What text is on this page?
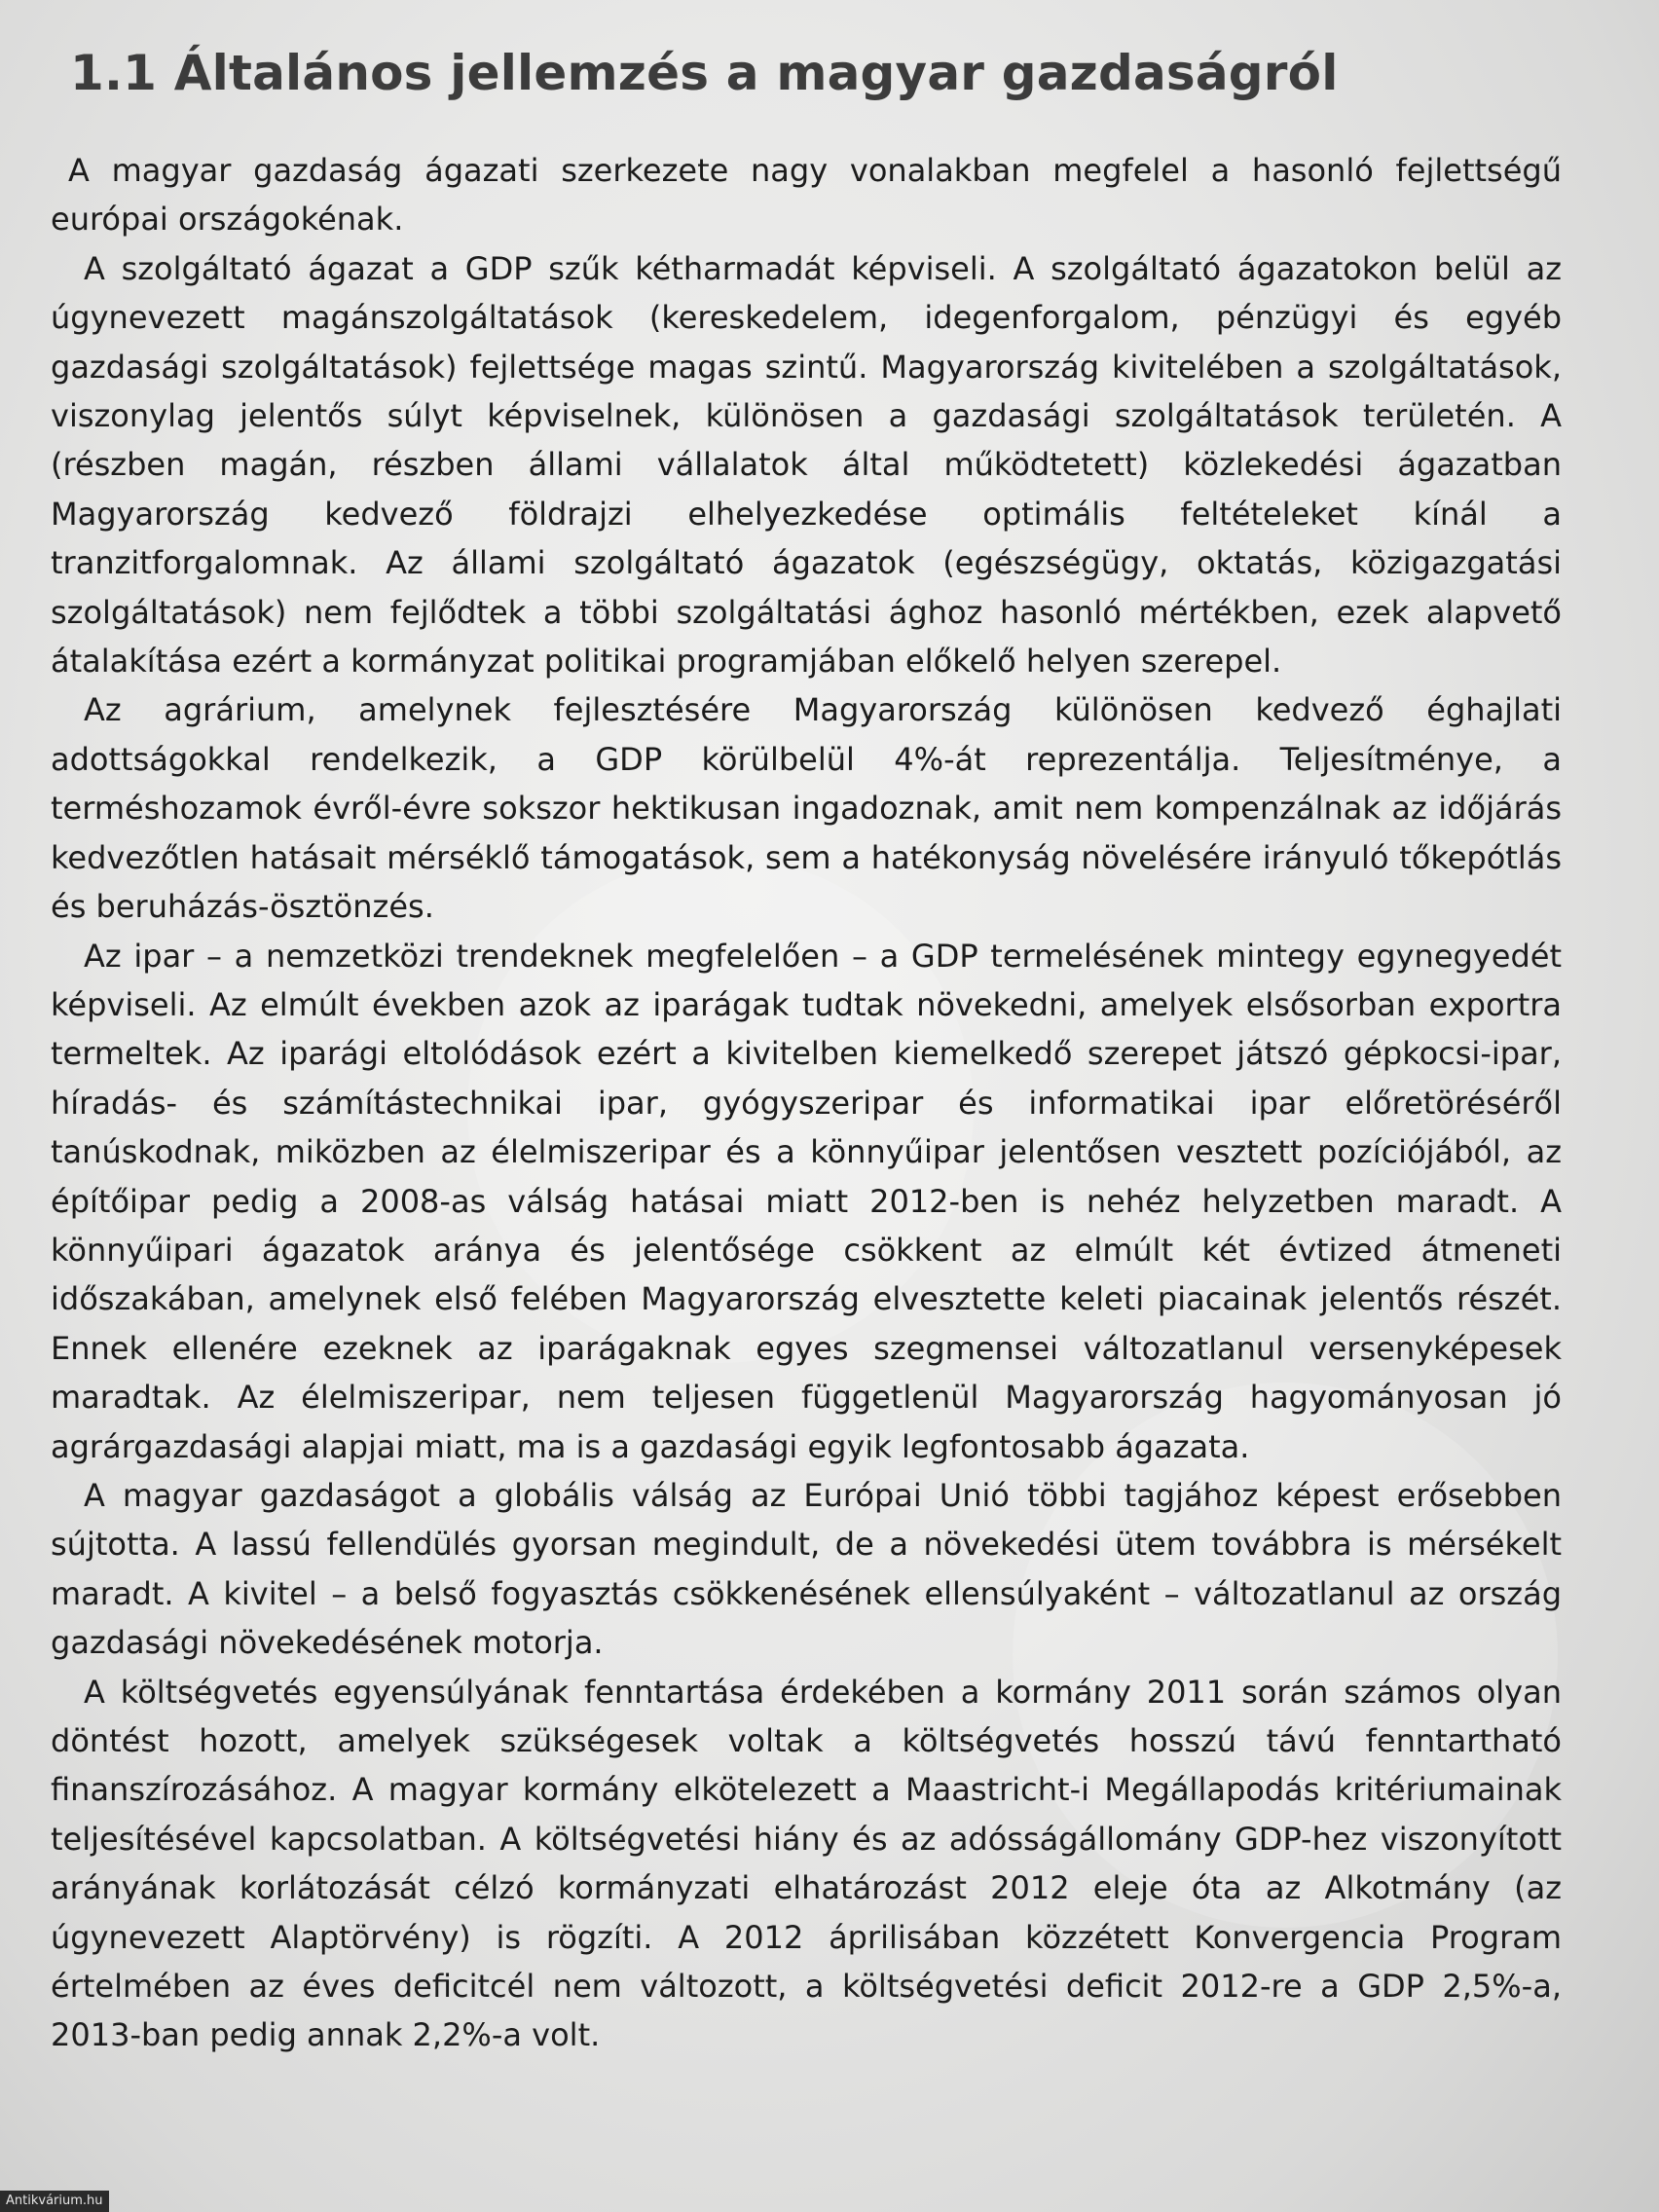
1.1 Általános jellemzés a magyar gazdaságról

A magyar gazdaság ágazati szerkezete nagy vonalakban megfelel a hasonló fejlettségű európai országokénak.

A szolgáltató ágazat a GDP szűk kétharmadát képviseli. A szolgáltató ágazatokon belül az úgynevezett magánszolgáltatások (kereskedelem, idegenforgalom, pénzügyi és egyéb gazdasági szolgáltatások) fejlettsége magas szintű. Magyarország kivitelében a szolgáltatások, viszonylag jelentős súlyt képviselnek, különösen a gazdasági szolgáltatások területén. A (részben magán, részben állami vállalatok által működtetett) közlekedési ágazatban Magyarország kedvező földrajzi elhelyezkedése optimális feltételeket kínál a tranzitforgalomnak. Az állami szolgáltató ágazatok (egészségügy, oktatás, közigazgatási szolgáltatások) nem fejlődtek a többi szolgáltatási ághoz hasonló mértékben, ezek alapvető átalakítása ezért a kormányzat politikai programjában előkelő helyen szerepel.

Az agrárium, amelynek fejlesztésére Magyarország különösen kedvező éghajlati adottságokkal rendelkezik, a GDP körülbelül 4%-át reprezentálja. Teljesítménye, a terméshozamok évről-évre sokszor hektikusan ingadoznak, amit nem kompenzálnak az időjárás kedvezőtlen hatásait mérséklő támogatások, sem a hatékonyság növelésére irányuló tőkepótlás és beruházás-ösztönzés.

Az ipar – a nemzetközi trendeknek megfelelően – a GDP termelésének mintegy egynegyedét képviseli. Az elmúlt években azok az iparágak tudtak növekedni, amelyek elsősorban exportra termeltek. Az iparági eltolódások ezért a kivitelben kiemelkedő szerepet játszó gépkocsi-ipar, híradás- és számítástechnikai ipar, gyógyszeripar és informatikai ipar előretöréséről tanúskodnak, miközben az élelmiszeripar és a könnyűipar jelentősen vesztett pozíciójából, az építőipar pedig a 2008-as válság hatásai miatt 2012-ben is nehéz helyzetben maradt. A könnyűipari ágazatok aránya és jelentősége csökkent az elmúlt két évtized átmeneti időszakában, amelynek első felében Magyarország elvesztette keleti piacainak jelentős részét. Ennek ellenére ezeknek az iparágaknak egyes szegmensei változatlanul versenyképesek maradtak. Az élelmiszeripar, nem teljesen függetlenül Magyarország hagyományosan jó agrárgazdasági alapjai miatt, ma is a gazdasági egyik legfontosabb ágazata.

A magyar gazdaságot a globális válság az Európai Unió többi tagjához képest erősebben sújtotta. A lassú fellendülés gyorsan megindult, de a növekedési ütem továbbra is mérsékelt maradt. A kivitel – a belső fogyasztás csökkenésének ellensúlyaként – változatlanul az ország gazdasági növekedésének motorja.

A költségvetés egyensúlyának fenntartása érdekében a kormány 2011 során számos olyan döntést hozott, amelyek szükségesek voltak a költségvetés hosszú távú fenntartható finanszírozásához. A magyar kormány elkötelezett a Maastricht-i Megállapodás kritériumainak teljesítésével kapcsolatban. A költségvetési hiány és az adósságállomány GDP-hez viszonyított arányának korlátozását célzó kormányzati elhatározást 2012 eleje óta az Alkotmány (az úgynevezett Alaptörvény) is rögzíti. A 2012 áprilisában közzétett Konvergencia Program értelmében az éves deficitcél nem változott, a költségvetési deficit 2012-re a GDP 2,5%-a, 2013-ban pedig annak 2,2%-a volt.

Antikvárium.hu
